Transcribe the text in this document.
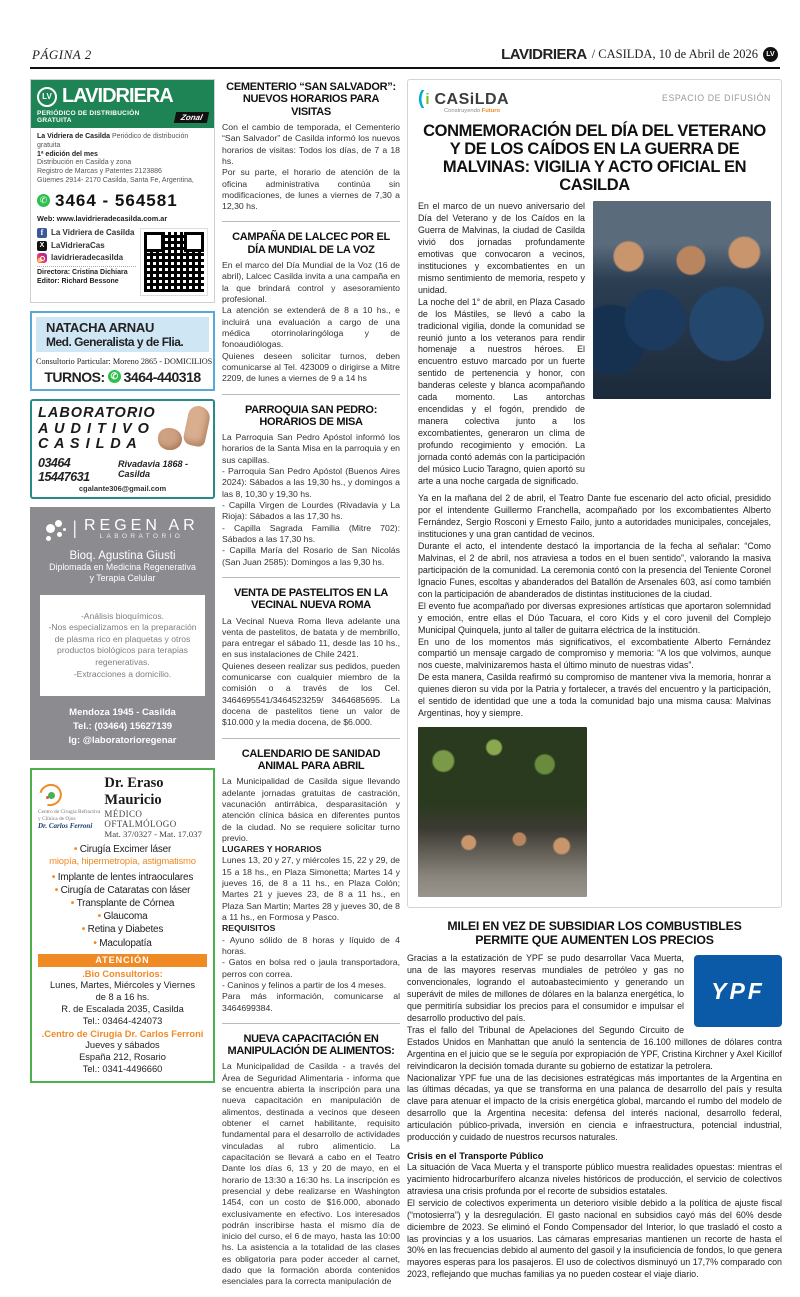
PÁGINA 2	LAVIDRIERA / CASILDA, 10 de Abril de 2026	LV
LV LAVIDRIERA
PERIÓDICO DE DISTRIBUCIÓN GRATUITA	Zonal
La Vidriera de Casilda Periódico de distribución gratuita
1ª edición del mes
Distribución en Casilda y zona
Registro de Marcas y Patentes 2123886
Güemes 2914- 2170 Casilda, Santa Fe, Argentina,
✆ 3464 - 564581
Web: www.lavidrieradecasilda.com.ar
f La Vidriera de Casilda
X LaVidrieraCas
lavidrieradecasilda
Directora: Cristina Dichiara
Editor: Richard Bessone
NATACHA ARNAU
Med. Generalista y de Flia.
Consultorio Particular: Moreno 2865 - DOMICILIOS
TURNOS: ✆ 3464-440318
LABORATORIO
A U D I T I V O
C A S I L D A
03464 15447631
Rivadavia 1868 - Casilda
cgalante306@gmail.com
| REGEN AR
LABORATORIO
Bioq. Agustina Giusti
Diplomada en Medicina Regenerativa
y Terapia Celular

-Análisis bioquímicos.

-Nos especializamos en la preparación de plasma rico en plaquetas y otros productos biológicos para terapias regenerativas.

-Extracciones a domicilio.

Mendoza 1945 - Casilda
Tel.: (03464) 15627139
Ig: @laboratorioregenar
Centro de Cirugía Refractiva
y Clínica de Ojos
Dr. Carlos Ferroni
Dr. Eraso Mauricio
MÉDICO OFTALMÓLOGO
Mat. 37/0327 - Mat. 17.037
• Cirugía Excimer láser
miopía, hipermetropía, astigmatismo
• Implante de lentes intraoculares
• Cirugía de Cataratas con láser
• Transplante de Córnea
• Glaucoma
• Retina y Diabetes
• Maculopatía
ATENCIÓN
.Bio Consultorios:

Lunes, Martes, Miércoles y Viernes

de 8 a 16 hs.

R. de Escalada 2035, Casilda

Tel.: 03464-424073

.Centro de Cirugía Dr. Carlos Ferroni

Jueves y sábados

España 212, Rosario

Tel.: 0341-4496660

CEMENTERIO “SAN SALVADOR”: NUEVOS HORARIOS PARA VISITAS

Con el cambio de temporada, el Cementerio “San Salvador” de Casilda informó los nuevos horarios de visitas: Todos los días, de 7 a 18 hs.

Por su parte, el horario de atención de la oficina administrativa continúa sin modificaciones, de lunes a viernes de 7,30 a 12,30 hs.

CAMPAÑA DE LALCEC POR EL DÍA MUNDIAL DE LA VOZ

En el marco del Día Mundial de la Voz (16 de abril), Lalcec Casilda invita a una campaña en la que brindará control y asesoramiento profesional.

La atención se extenderá de 8 a 10 hs., e incluirá una evaluación a cargo de una médica otorrinolaringóloga y de fonoaudiólogas.

Quienes deseen solicitar turnos, deben comunicarse al Tel. 423009 o dirigirse a Mitre 2209, de lunes a viernes de 9 a 14 hs

PARROQUIA SAN PEDRO: HORARIOS DE MISA

La Parroquia San Pedro Apóstol informó los horarios de la Santa Misa en la parroquia y en sus capillas.

- Parroquia San Pedro Apóstol (Buenos Aires 2024): Sábados a las 19,30 hs., y domingos a las 8, 10,30 y 19,30 hs.

- Capilla Virgen de Lourdes (Rivadavia y La Rioja): Sábados a las 17,30 hs.

- Capilla Sagrada Familia (Mitre 702): Sábados a las 17,30 hs.

- Capilla María del Rosario de San Nicolás (San Juan 2585): Domingos a las 9,30 hs.

VENTA DE PASTELITOS EN LA VECINAL NUEVA ROMA

La Vecinal Nueva Roma lleva adelante una venta de pastelitos, de batata y de membrillo, para entregar el sábado 11, desde las 10 hs., en sus instalaciones de Chile 2421.

Quienes deseen realizar sus pedidos, pueden comunicarse con cualquier miembro de la comisión o a través de los Cel. 3464695541/3464523259/ 3464685695. La docena de pastelitos tiene un valor de $10.000 y la media docena, de $6.000.

CALENDARIO DE SANIDAD ANIMAL PARA ABRIL

La Municipalidad de Casilda sigue llevando adelante jornadas gratuitas de castración, vacunación antirrábica, desparasitación y atención clínica básica en diferentes puntos de la ciudad. No se requiere solicitar turno previo.

LUGARES Y HORARIOS

Lunes 13, 20 y 27, y miércoles 15, 22 y 29, de 15 a 18 hs., en Plaza Simonetta; Martes 14 y jueves 16, de 8 a 11 hs., en Plaza Colón; Martes 21 y jueves 23, de 8 a 11 hs., en Plaza San Martin; Martes 28 y jueves 30, de 8 a 11 hs., en Formosa y Pasco.

REQUISITOS

- Ayuno sólido de 8 horas y líquido de 4 horas.

- Gatos en bolsa red o jaula transportadora, perros con correa.

- Caninos y felinos a partir de los 4 meses.

Para más información, comunicarse al 3464699384.

NUEVA CAPACITACIÓN EN MANIPULACIÓN DE ALIMENTOS:

La Municipalidad de Casilda - a través del Área de Seguridad Alimentaria - informa que se encuentra abierta la inscripción para una nueva capacitación en manipulación de alimentos, destinada a vecinos que deseen obtener el carnet habilitante, requisito fundamental para el desarrollo de actividades vinculadas al rubro alimenticio. La capacitación se llevará a cabo en el Teatro Dante los días 6, 13 y 20 de mayo, en el horario de 13:30 a 16:30 hs. La inscripción es presencial y debe realizarse en Washington 1454, con un costo de $16.000, abonado exclusivamente en efectivo. Los interesados podrán inscribirse hasta el mismo día de inicio del curso, el 6 de mayo, hasta las 10:00 hs. La asistencia a la totalidad de las clases es obligatoria para poder acceder al carnet, dado que la formación aborda contenidos esenciales para la correcta manipulación de

( i CASiLDA
Construyendo Futuro
ESPACIO DE DIFUSIÓN
CONMEMORACIÓN DEL DÍA DEL VETERANO Y DE LOS CAÍDOS EN LA GUERRA DE MALVINAS: VIGILIA Y ACTO OFICIAL EN CASILDA

En el marco de un nuevo aniversario del Día del Veterano y de los Caídos en la Guerra de Malvinas, la ciudad de Casilda vivió dos jornadas profundamente emotivas que convocaron a vecinos, instituciones y excombatientes en un mismo sentimiento de memoria, respeto y unidad.

La noche del 1° de abril, en Plaza Casado de los Mástiles, se llevó a cabo la tradicional vigilia, donde la comunidad se reunió junto a los veteranos para rendir homenaje a nuestros héroes. El encuentro estuvo marcado por un fuerte sentido de pertenencia y honor, con banderas celeste y blanca acompañando cada momento. Las antorchas encendidas y el fogón, prendido de manera colectiva junto a los excombatientes, generaron un clima de profundo recogimiento y emoción. La jornada contó además con la participación del músico Lucio Taragno, quien aportó su arte a una noche cargada de significado.

Ya en la mañana del 2 de abril, el Teatro Dante fue escenario del acto oficial, presidido por el intendente Guillermo Franchella, acompañado por los excombatientes Alberto Fernández, Sergio Rosconi y Ernesto Failo, junto a autoridades municipales, concejales, instituciones y una gran cantidad de vecinos.

Durante el acto, el intendente destacó la importancia de la fecha al señalar: “Como Malvinas, el 2 de abril, nos atraviesa a todos en el buen sentido”, valorando la masiva participación de la comunidad. La ceremonia contó con la presencia del Teniente Coronel Ignacio Funes, escoltas y abanderados del Batallón de Arsenales 603, así como también con la participación de abanderados de distintas instituciones de la ciudad.

El evento fue acompañado por diversas expresiones artísticas que aportaron solemnidad y emoción, entre ellas el Dúo Tacuara, el coro Kids y el coro juvenil del Complejo Municipal Quinquela, junto al taller de guitarra eléctrica de la institución.

En uno de los momentos más significativos, el excombatiente Alberto Fernández compartió un mensaje cargado de compromiso y memoria: “A los que volvimos, aunque nos cueste, malvinizaremos hasta el último minuto de nuestras vidas”.

De esta manera, Casilda reafirmó su compromiso de mantener viva la memoria, honrar a quienes dieron su vida por la Patria y fortalecer, a través del encuentro y la participación, el sentido de identidad que une a toda la comunidad bajo una misma causa: Malvinas Argentinas, hoy y siempre.

MILEI EN VEZ DE SUBSIDIAR LOS COMBUSTIBLES
PERMITE QUE AUMENTEN LOS PRECIOS
YPF

Gracias a la estatización de YPF se pudo desarrollar Vaca Muerta, una de las mayores reservas mundiales de petróleo y gas no convencionales, logrando el autoabastecimiento y generando un superávit de miles de millones de dólares en la balanza energética, lo que permitiría subsidiar los precios para el consumidor e impulsar el desarrollo productivo del país.

Tras el fallo del Tribunal de Apelaciones del Segundo Circuito de Estados Unidos en Manhattan que anuló la sentencia de 16.100 millones de dólares contra Argentina en el juicio que se le seguía por expropiación de YPF, Cristina Kirchner y Axel Kicillof reivindicaron la decisión tomada durante su gobierno de estatizar la petrolera.

Nacionalizar YPF fue una de las decisiones estratégicas más importantes de la Argentina en las últimas décadas, ya que se transforma en una palanca de desarrollo del país y resulta clave para atenuar el impacto de la crisis energética global, marcando el rumbo del modelo de desarrollo que la Argentina necesita: defensa del interés nacional, desarrollo federal, articulación público-privada, inversión en ciencia e infraestructura, potencial industrial, producción y cuidado de nuestros recursos naturales.

Crisis en el Transporte Público

La situación de Vaca Muerta y el transporte público muestra realidades opuestas: mientras el yacimiento hidrocarburífero alcanza niveles históricos de producción, el servicio de colectivos atraviesa una crisis profunda por el recorte de subsidios estatales.

El servicio de colectivos experimenta un deterioro visible debido a la política de ajuste fiscal (“motosierra”) y la desregulación. El gasto nacional en subsidios cayó más del 60% desde diciembre de 2023. Se eliminó el Fondo Compensador del Interior, lo que trasladó el costo a las provincias y a los usuarios. Las cámaras empresarias mantienen un recorte de hasta el 30% en las frecuencias debido al aumento del gasoil y la insuficiencia de fondos, lo que genera mayores esperas para los pasajeros. El uso de colectivos disminuyó un 17,7% comparado con 2023, reflejando que muchas familias ya no pueden costear el viaje diario.
